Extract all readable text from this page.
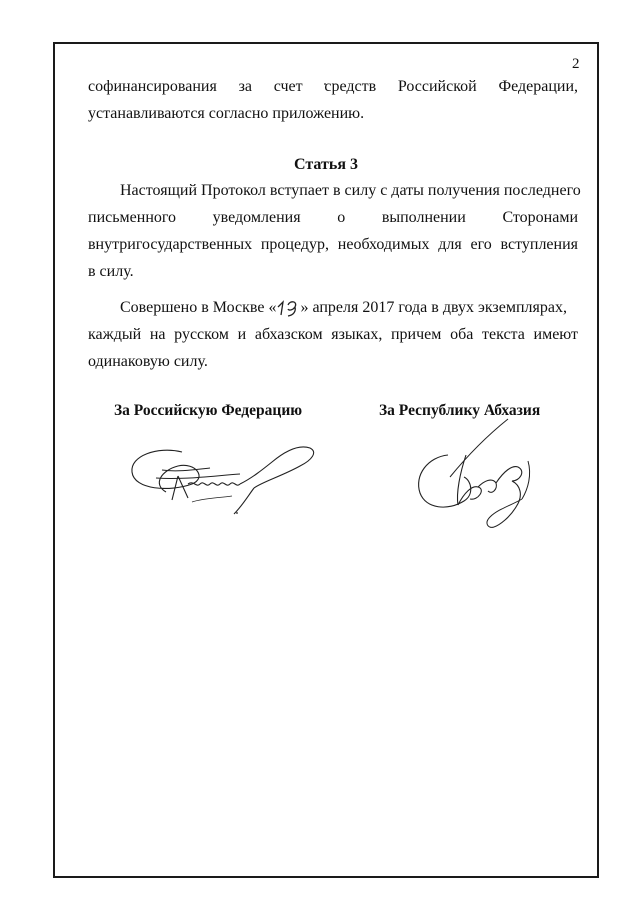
2
софинансирования за счет средств Российской Федерации,
устанавливаются согласно приложению.
Статья 3
Настоящий Протокол вступает в силу с даты получения последнего
письменного уведомления о выполнении Сторонами
внутригосударственных процедур, необходимых для его вступления
в силу.
Совершено в Москве « » апреля 2017 года в двух экземплярах,
каждый на русском и абхазском языках, причем оба текста имеют
одинаковую силу.
За Российскую Федерацию	За Республику Абхазия
